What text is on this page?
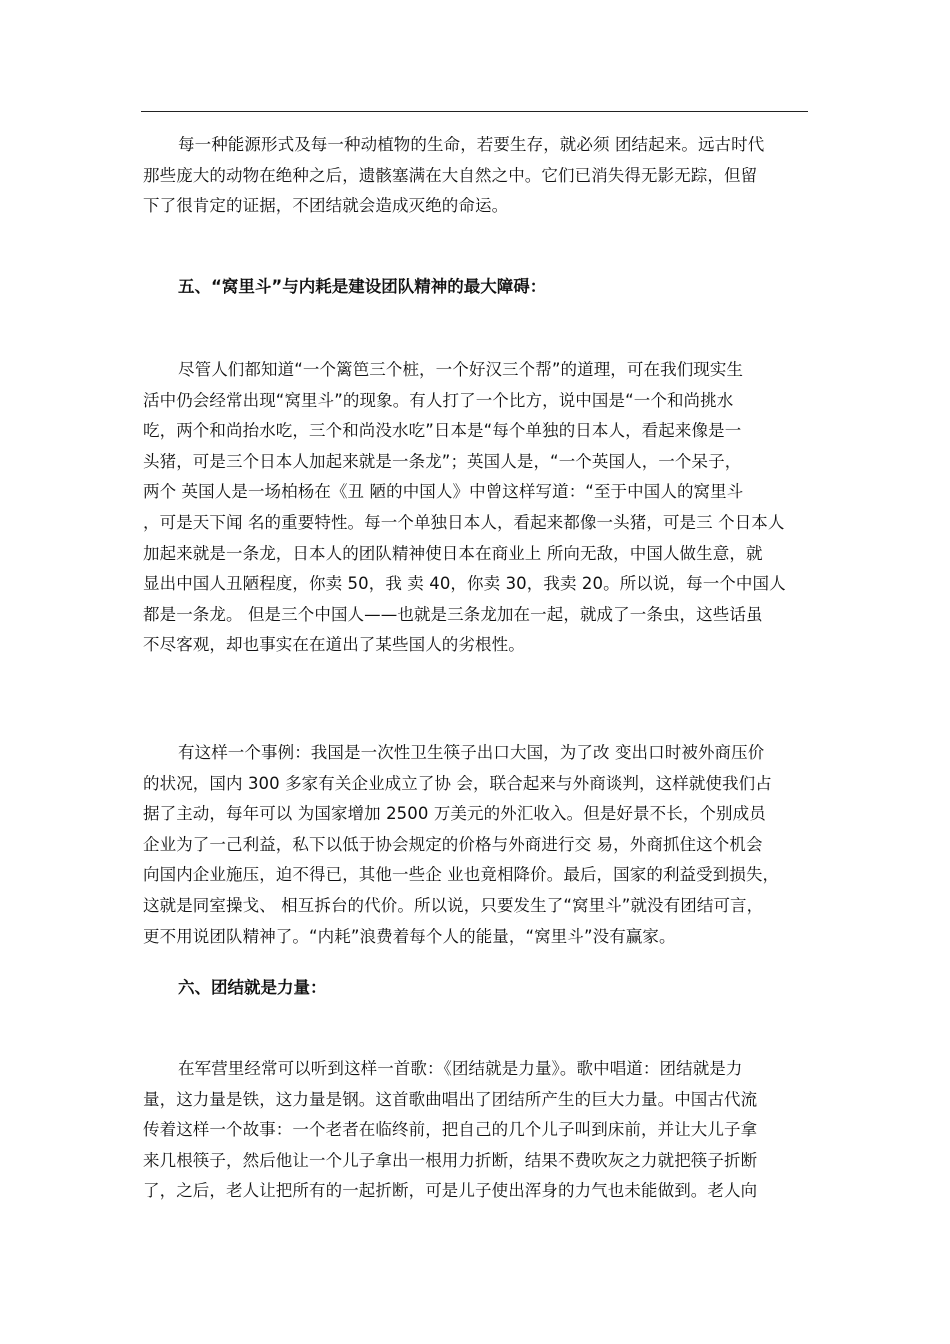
每一种能源形式及每一种动植物的生命，若要生存，就必须 团结起来。远古时代
那些庞大的动物在绝种之后，遗骸塞满在大自然之中。它们已消失得无影无踪，但留
下了很肯定的证据，不团结就会造成灭绝的命运。

五、“窝里斗”与内耗是建设团队精神的最大障碍：

尽管人们都知道“一个篱笆三个桩，一个好汉三个帮”的道理，可在我们现实生
活中仍会经常出现“窝里斗”的现象。有人打了一个比方，说中国是“一个和尚挑水
吃，两个和尚抬水吃，三个和尚没水吃”日本是“每个单独的日本人，看起来像是一
头猪，可是三个日本人加起来就是一条龙”；英国人是，“一个英国人，一个呆子，
两个 英国人是一场柏杨在《丑 陋的中国人》中曾这样写道：“至于中国人的窝里斗
，可是天下闻 名的重要特性。每一个单独日本人，看起来都像一头猪，可是三 个日本人
加起来就是一条龙，日本人的团队精神使日本在商业上 所向无敌，中国人做生意，就
显出中国人丑陋程度，你卖 50，我 卖 40，你卖 30，我卖 20。所以说，每一个中国人
都是一条龙。 但是三个中国人——也就是三条龙加在一起，就成了一条虫，这些话虽
不尽客观，却也事实在在道出了某些国人的劣根性。

有这样一个事例：我国是一次性卫生筷子出口大国，为了改 变出口时被外商压价
的状况，国内 300 多家有关企业成立了协 会，联合起来与外商谈判，这样就使我们占
据了主动，每年可以 为国家增加 2500 万美元的外汇收入。但是好景不长，个别成员
企业为了一己利益，私下以低于协会规定的价格与外商进行交 易，外商抓住这个机会
向国内企业施压，迫不得已，其他一些企 业也竟相降价。最后，国家的利益受到损失，
这就是同室操戈、 相互拆台的代价。所以说，只要发生了“窝里斗”就没有团结可言，
更不用说团队精神了。“内耗”浪费着每个人的能量，“窝里斗”没有赢家。

六、团结就是力量：

在军营里经常可以听到这样一首歌：《团结就是力量》。歌中唱道：团结就是力
量，这力量是铁，这力量是钢。这首歌曲唱出了团结所产生的巨大力量。中国古代流
传着这样一个故事：一个老者在临终前，把自己的几个儿子叫到床前，并让大儿子拿
来几根筷子，然后他让一个儿子拿出一根用力折断，结果不费吹灰之力就把筷子折断
了，之后，老人让把所有的一起折断，可是儿子使出浑身的力气也未能做到。老人向
